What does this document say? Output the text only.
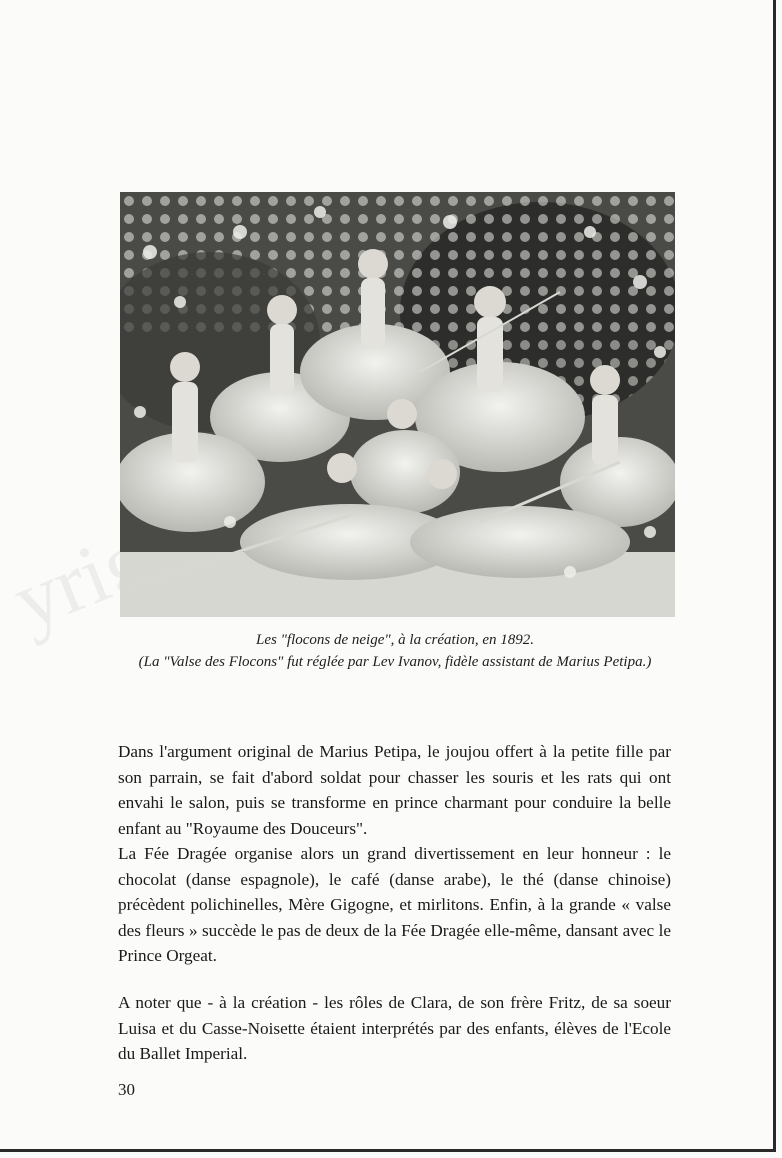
yright	Les "flocons de neige", à la création, en 1892.
(La "Valse des Flocons" fut réglée par Lev Ivanov, fidèle assistant de Marius Petipa.)

Dans l'argument original de Marius Petipa, le joujou offert à la petite fille par son parrain, se fait d'abord soldat pour chasser les souris et les rats qui ont envahi le salon, puis se transforme en prince charmant pour conduire la belle enfant au "Royaume des Douceurs".

La Fée Dragée organise alors un grand divertissement en leur honneur : le chocolat (danse espagnole), le café (danse arabe), le thé (danse chinoise) précèdent polichinelles, Mère Gigogne, et mirlitons. Enfin, à la grande « valse des fleurs » succède le pas de deux de la Fée Dragée elle-même, dansant avec le Prince Orgeat.

A noter que - à la création - les rôles de Clara, de son frère Fritz, de sa soeur Luisa et du Casse-Noisette étaient interprétés par des enfants, élèves de l'Ecole du Ballet Imperial.

30
